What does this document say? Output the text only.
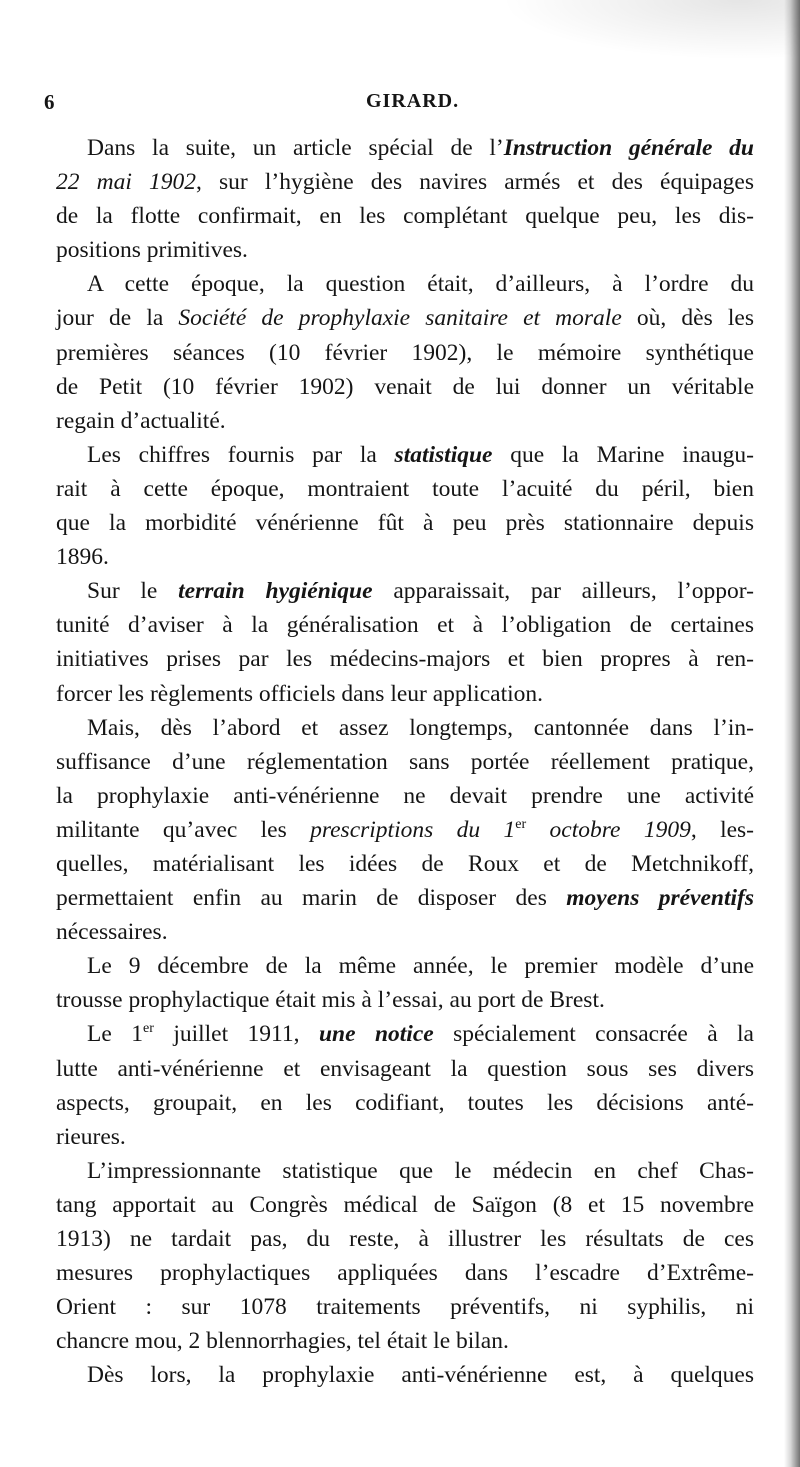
6	GIRARD.
Dans la suite, un article spécial de l’Instruction générale du
22 mai 1902, sur l’hygiène des navires armés et des équipages
de la flotte confirmait, en les complétant quelque peu, les dis-
positions primitives.
A cette époque, la question était, d’ailleurs, à l’ordre du
jour de la Société de prophylaxie sanitaire et morale où, dès les
premières séances (10 février 1902), le mémoire synthétique
de Petit (10 février 1902) venait de lui donner un véritable
regain d’actualité.
Les chiffres fournis par la statistique que la Marine inaugu-
rait à cette époque, montraient toute l’acuité du péril, bien
que la morbidité vénérienne fût à peu près stationnaire depuis
1896.
Sur le terrain hygiénique apparaissait, par ailleurs, l’oppor-
tunité d’aviser à la généralisation et à l’obligation de certaines
initiatives prises par les médecins-majors et bien propres à ren-
forcer les règlements officiels dans leur application.
Mais, dès l’abord et assez longtemps, cantonnée dans l’in-
suffisance d’une réglementation sans portée réellement pratique,
la prophylaxie anti-vénérienne ne devait prendre une activité
militante qu’avec les prescriptions du 1er octobre 1909, les-
quelles, matérialisant les idées de Roux et de Metchnikoff,
permettaient enfin au marin de disposer des moyens préventifs
nécessaires.
Le 9 décembre de la même année, le premier modèle d’une
trousse prophylactique était mis à l’essai, au port de Brest.
Le 1er juillet 1911, une notice spécialement consacrée à la
lutte anti-vénérienne et envisageant la question sous ses divers
aspects, groupait, en les codifiant, toutes les décisions anté-
rieures.
L’impressionnante statistique que le médecin en chef Chas-
tang apportait au Congrès médical de Saïgon (8 et 15 novembre
1913) ne tardait pas, du reste, à illustrer les résultats de ces
mesures prophylactiques appliquées dans l’escadre d’Extrême-
Orient : sur 1078 traitements préventifs, ni syphilis, ni
chancre mou, 2 blennorrhagies, tel était le bilan.
Dès lors, la prophylaxie anti-vénérienne est, à quelques
